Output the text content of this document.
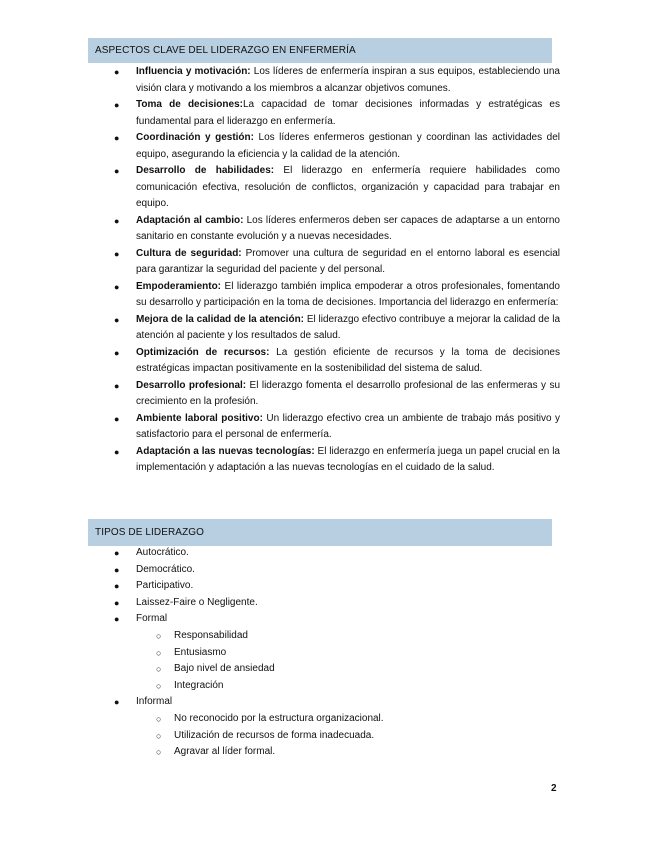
ASPECTOS CLAVE DEL LIDERAZGO EN ENFERMERÍA
● Influencia y motivación: Los líderes de enfermería inspiran a sus equipos, estableciendo una visión clara y motivando a los miembros a alcanzar objetivos comunes.
● Toma de decisiones:La capacidad de tomar decisiones informadas y estratégicas es fundamental para el liderazgo en enfermería.
● Coordinación y gestión: Los líderes enfermeros gestionan y coordinan las actividades del equipo, asegurando la eficiencia y la calidad de la atención.
● Desarrollo de habilidades: El liderazgo en enfermería requiere habilidades como comunicación efectiva, resolución de conflictos, organización y capacidad para trabajar en equipo.
● Adaptación al cambio: Los líderes enfermeros deben ser capaces de adaptarse a un entorno sanitario en constante evolución y a nuevas necesidades.
● Cultura de seguridad: Promover una cultura de seguridad en el entorno laboral es esencial para garantizar la seguridad del paciente y del personal.
● Empoderamiento: El liderazgo también implica empoderar a otros profesionales, fomentando su desarrollo y participación en la toma de decisiones. Importancia del liderazgo en enfermería:
● Mejora de la calidad de la atención: El liderazgo efectivo contribuye a mejorar la calidad de la atención al paciente y los resultados de salud.
● Optimización de recursos: La gestión eficiente de recursos y la toma de decisiones estratégicas impactan positivamente en la sostenibilidad del sistema de salud.
● Desarrollo profesional: El liderazgo fomenta el desarrollo profesional de las enfermeras y su crecimiento en la profesión.
● Ambiente laboral positivo: Un liderazgo efectivo crea un ambiente de trabajo más positivo y satisfactorio para el personal de enfermería.
● Adaptación a las nuevas tecnologías: El liderazgo en enfermería juega un papel crucial en la implementación y adaptación a las nuevas tecnologías en el cuidado de la salud.
TIPOS DE LIDERAZGO
● Autocrático.
● Democrático.
● Participativo.
● Laissez-Faire o Negligente.
● Formal
○ Responsabilidad
○ Entusiasmo
○ Bajo nivel de ansiedad
○ Integración
● Informal
○ No reconocido por la estructura organizacional.
○ Utilización de recursos de forma inadecuada.
○ Agravar al líder formal.
2
